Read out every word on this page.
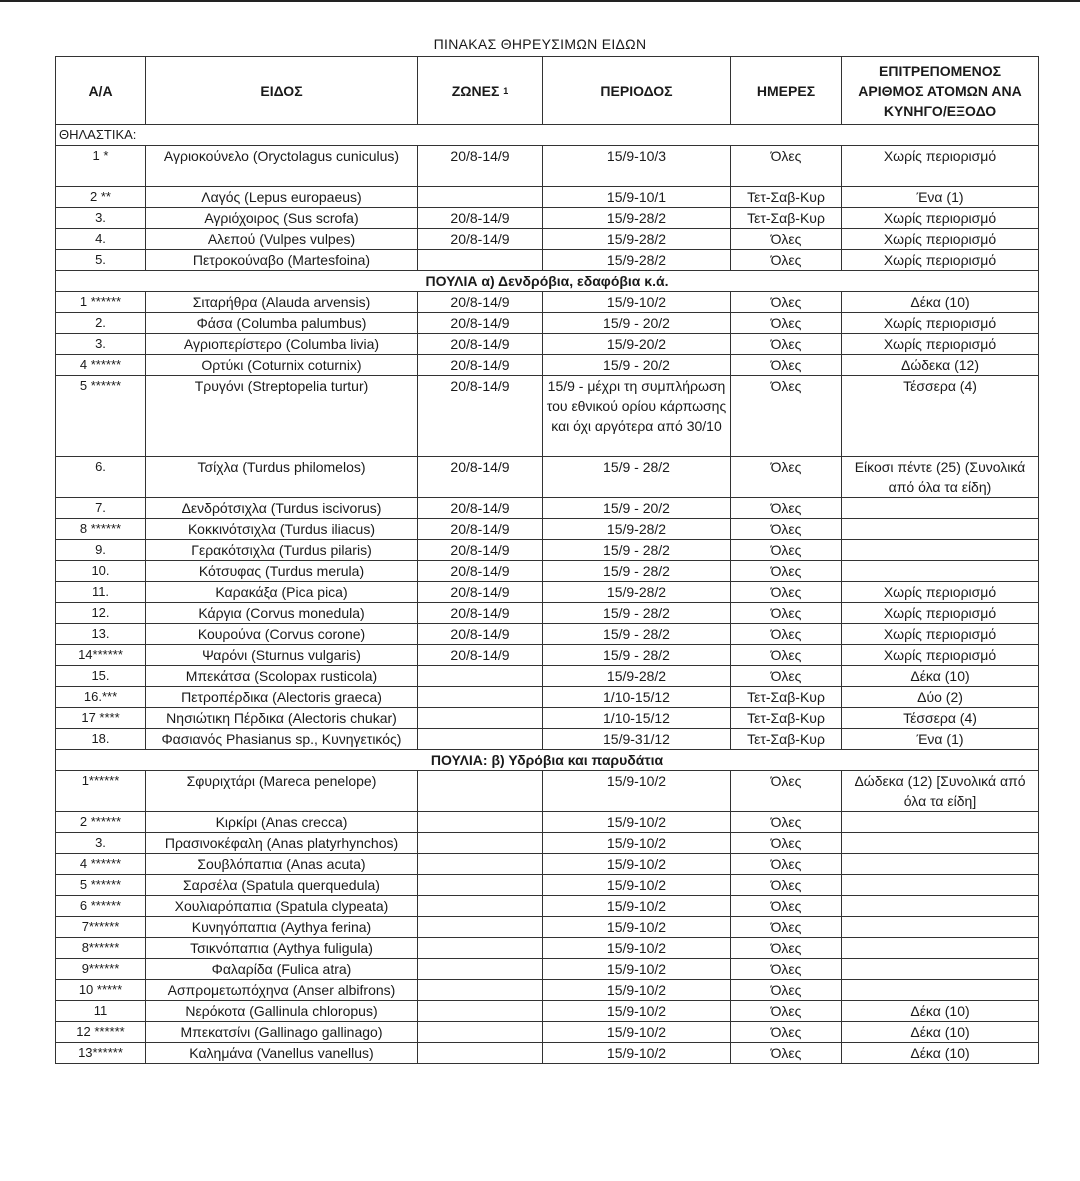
ΠΙΝΑΚΑΣ ΘΗΡΕΥΣΙΜΩΝ ΕΙΔΩΝ
Α/Α	ΕΙΔΟΣ	ΖΩΝΕΣ $^1$	ΠΕΡΙΟΔΟΣ	ΗΜΕΡΕΣ	ΕΠΙΤΡΕΠΟΜΕΝΟΣ ΑΡΙΘΜΟΣ ΑΤΟΜΩΝ ΑΝΑ ΚΥΝΗΓΟ/ΕΞΟΔΟ
ΘΗΛΑΣΤΙΚΑ:					
1 *	Αγριοκούνελο (Oryctolagus cuniculus)	20/8-14/9	15/9-10/3	Όλες	Χωρίς περιορισμό
2 **	Λαγός (Lepus europaeus)		15/9-10/1	Τετ-Σαβ-Κυρ	Ένα (1)
3.	Αγριόχοιρος (Sus scrofa)	20/8-14/9	15/9-28/2	Τετ-Σαβ-Κυρ	Χωρίς περιορισμό
4.	Αλεπού (Vulpes vulpes)	20/8-14/9	15/9-28/2	Όλες	Χωρίς περιορισμό
5.	Πετροκούναβο (Martesfoina)		15/9-28/2	Όλες	Χωρίς περιορισμό
ΠΟΥΛΙΑ α) Δενδρόβια, εδαφόβια κ.ά.					
1 ******	Σιταρήθρα (Alauda arvensis)	20/8-14/9	15/9-10/2	Όλες	Δέκα (10)
2.	Φάσα (Columba palumbus)	20/8-14/9	15/9 - 20/2	Όλες	Χωρίς περιορισμό
3.	Αγριοπερίστερο (Columba livia)	20/8-14/9	15/9-20/2	Όλες	Χωρίς περιορισμό
4 ******	Ορτύκι (Coturnix coturnix)	20/8-14/9	15/9 - 20/2	Όλες	Δώδεκα (12)
5 ******	Τρυγόνι (Streptopelia turtur)	20/8-14/9	15/9 - μέχρι τη συμπλήρωση του εθνικού ορίου κάρπωσης και όχι αργότερα από 30/10	Όλες	Τέσσερα (4)
6.	Τσίχλα (Turdus philomelos)	20/8-14/9	15/9 - 28/2	Όλες	Είκοσι πέντε (25) (Συνολικά από όλα τα είδη)
7.	Δενδρότσιχλα (Turdus iscivorus)	20/8-14/9	15/9 - 20/2	Όλες	
8 ******	Κοκκινότσιχλα (Turdus iliacus)	20/8-14/9	15/9-28/2	Όλες	
9.	Γερακότσιχλα (Turdus pilaris)	20/8-14/9	15/9 - 28/2	Όλες	
10.	Κότσυφας (Turdus merula)	20/8-14/9	15/9 - 28/2	Όλες	
11.	Καρακάξα (Pica pica)	20/8-14/9	15/9-28/2	Όλες	Χωρίς περιορισμό
12.	Κάργια (Corvus monedula)	20/8-14/9	15/9 - 28/2	Όλες	Χωρίς περιορισμό
13.	Κουρούνα (Corvus corone)	20/8-14/9	15/9 - 28/2	Όλες	Χωρίς περιορισμό
14******	Ψαρόνι (Sturnus vulgaris)	20/8-14/9	15/9 - 28/2	Όλες	Χωρίς περιορισμό
15.	Μπεκάτσα (Scolopax rusticola)		15/9-28/2	Όλες	Δέκα (10)
16.***	Πετροπέρδικα (Alectoris graeca)		1/10-15/12	Τετ-Σαβ-Κυρ	Δύο (2)
17 ****	Νησιώτικη Πέρδικα (Alectoris chukar)		1/10-15/12	Τετ-Σαβ-Κυρ	Τέσσερα (4)
18.	Φασιανός Phasianus sp., Κυνηγετικός)		15/9-31/12	Τετ-Σαβ-Κυρ	Ένα (1)
ΠΟΥΛΙΑ: β) Υδρόβια και παρυδάτια					
1******	Σφυριχτάρι (Mareca penelope)		15/9-10/2	Όλες	Δώδεκα (12) [Συνολικά από όλα τα είδη]
2 ******	Κιρκίρι (Anas crecca)		15/9-10/2	Όλες	
3.	Πρασινοκέφαλη (Anas platyrhynchos)		15/9-10/2	Όλες	
4 ******	Σουβλόπαπια (Anas acuta)		15/9-10/2	Όλες	
5 ******	Σαρσέλα (Spatula querquedula)		15/9-10/2	Όλες	
6 ******	Χουλιαρόπαπια (Spatula clypeata)		15/9-10/2	Όλες	
7******	Κυνηγόπαπια (Aythya ferina)		15/9-10/2	Όλες	
8******	Τσικνόπαπια (Aythya fuligula)		15/9-10/2	Όλες	
9******	Φαλαρίδα (Fulica atra)		15/9-10/2	Όλες	
10 *****	Ασπρομετωπόχηνα (Anser albifrons)		15/9-10/2	Όλες	
11	Νερόκοτα (Gallinula chloropus)		15/9-10/2	Όλες	Δέκα (10)
12 ******	Μπεκατσίνι (Gallinago gallinago)		15/9-10/2	Όλες	Δέκα (10)
13******	Καλημάνα (Vanellus vanellus)		15/9-10/2	Όλες	Δέκα (10)
